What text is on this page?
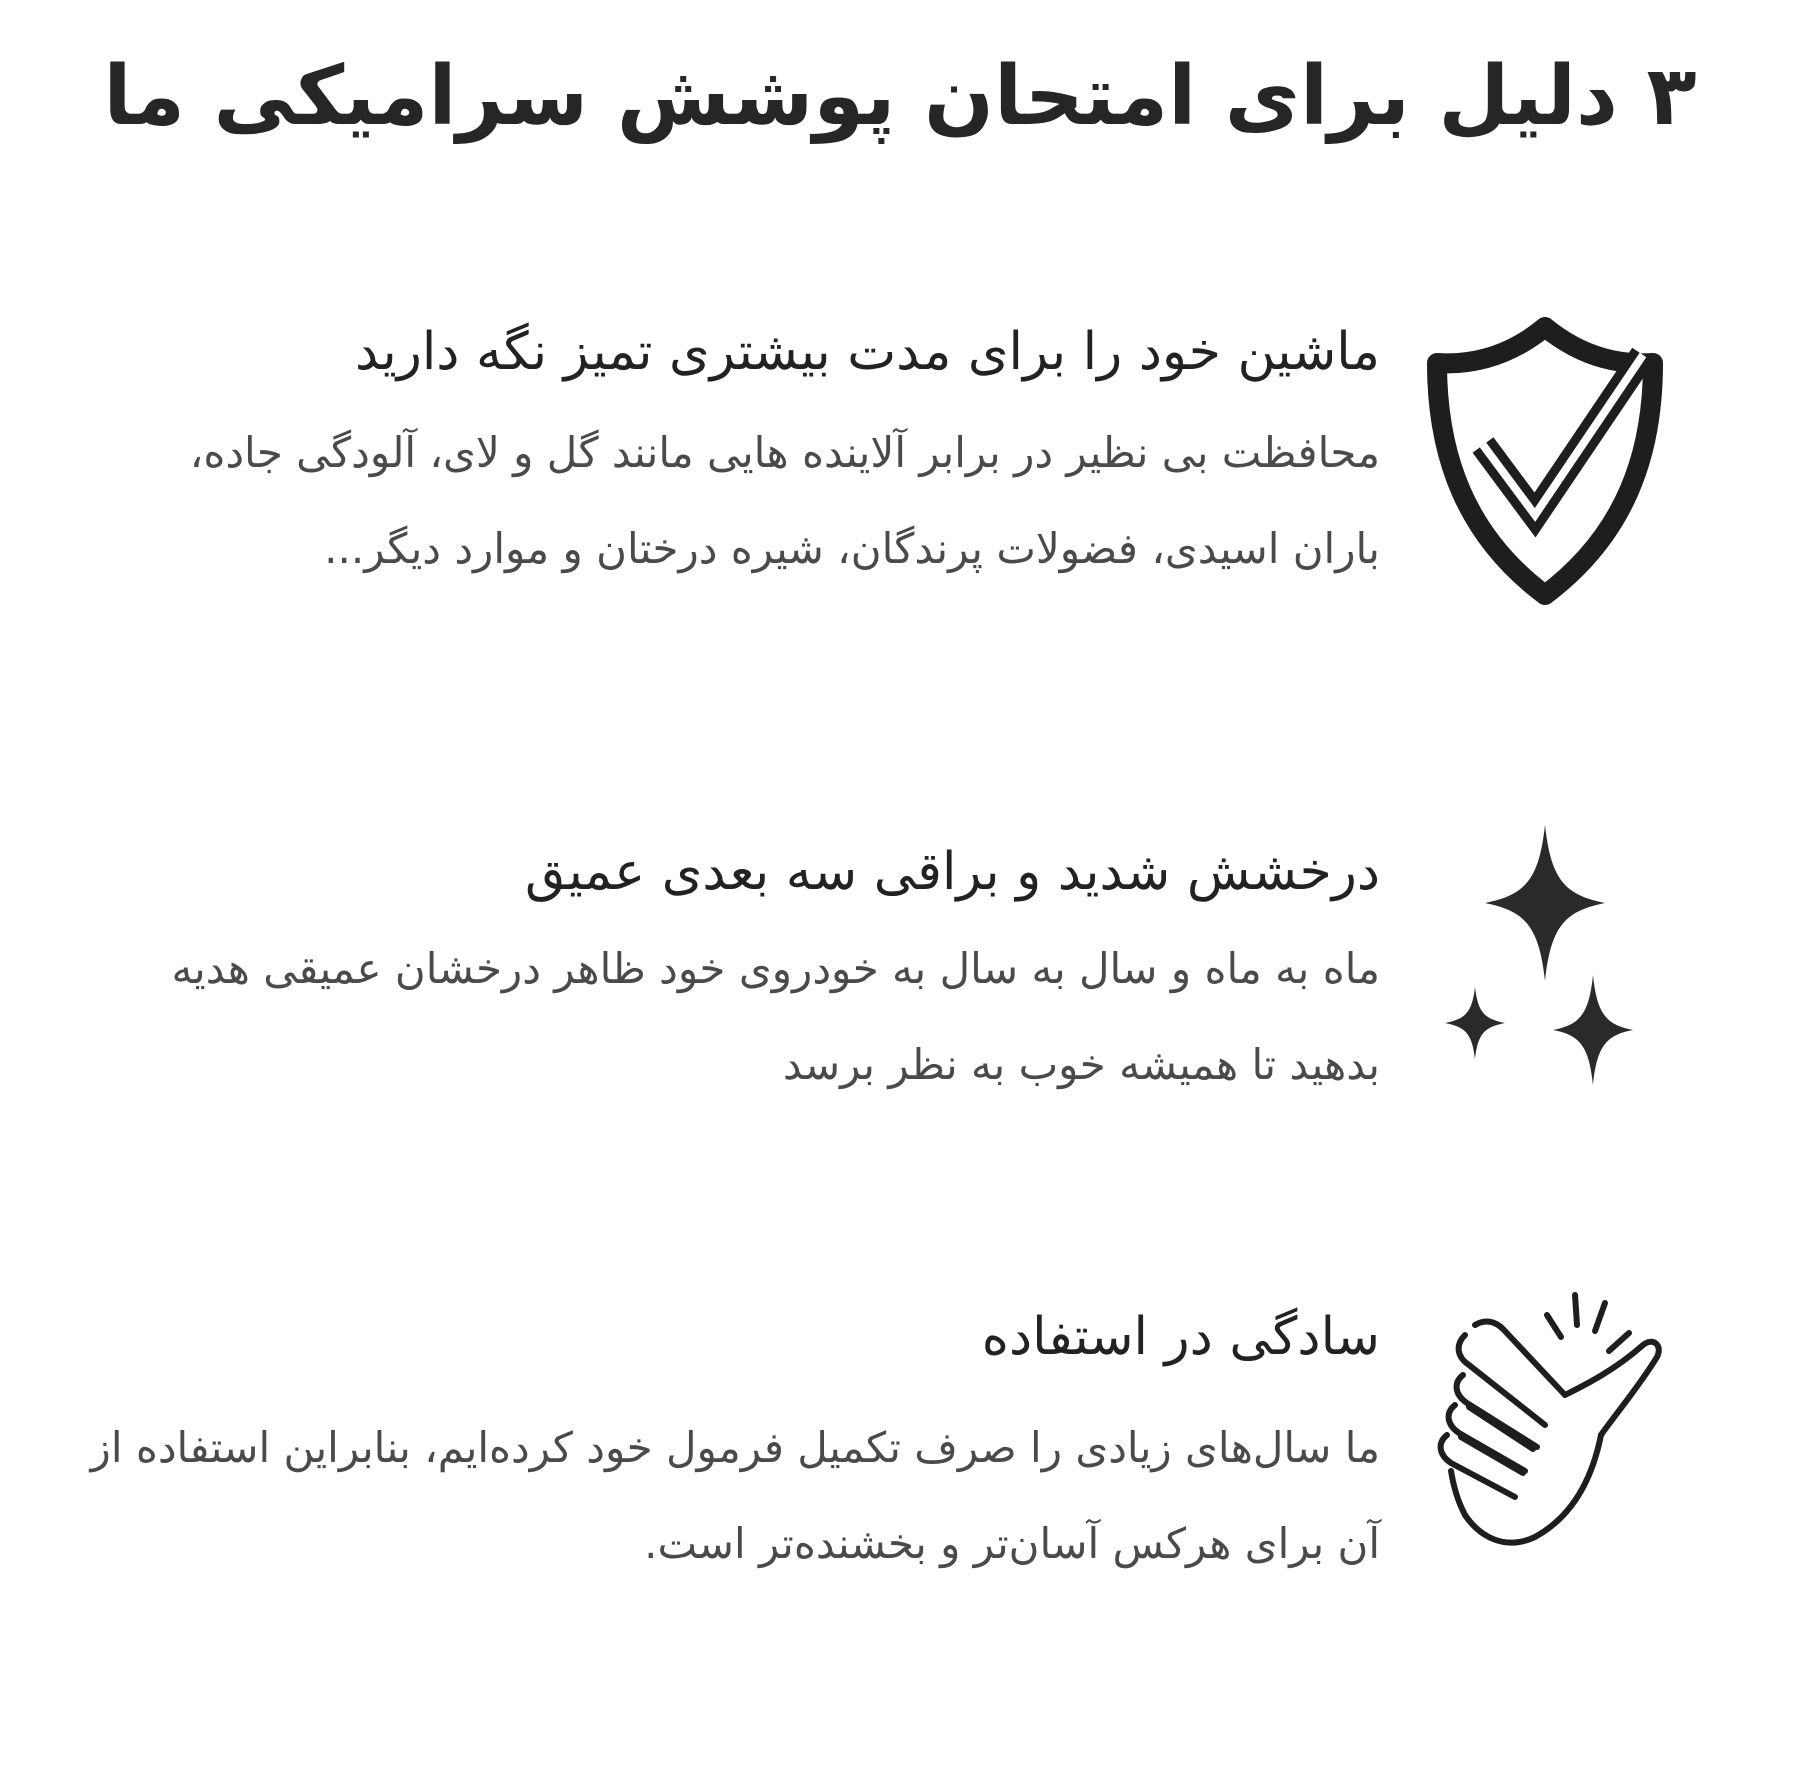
۳ دلیل برای امتحان پوشش سرامیکی ما
ماشین خود را برای مدت بیشتری تمیز نگه دارید

محافظت بی نظیر در برابر آلاینده هایی مانند گل و لای، آلودگی جاده، باران اسیدی، فضولات پرندگان، شیره درختان و موارد دیگر...

درخشش شدید و براقی سه بعدی عمیق

ماه به ماه و سال به سال به خودروی خود ظاهر درخشان عمیقی هدیه بدهید تا همیشه خوب به نظر برسد

سادگی در استفاده

ما سال‌های زیادی را صرف تکمیل فرمول خود کرده‌ایم، بنابراین استفاده از آن برای هرکس آسان‌تر و بخشنده‌تر است.
